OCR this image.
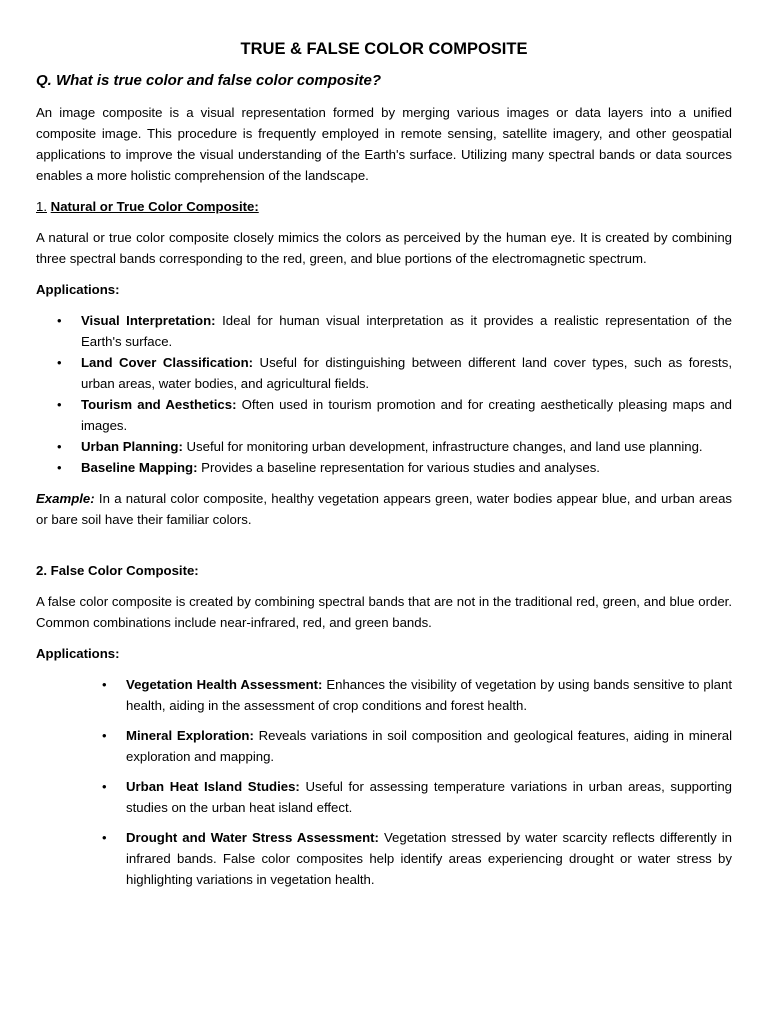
TRUE & FALSE COLOR COMPOSITE
Q. What is true color and false color composite?

An image composite is a visual representation formed by merging various images or data layers into a unified composite image. This procedure is frequently employed in remote sensing, satellite imagery, and other geospatial applications to improve the visual understanding of the Earth's surface. Utilizing many spectral bands or data sources enables a more holistic comprehension of the landscape.

1. Natural or True Color Composite:

A natural or true color composite closely mimics the colors as perceived by the human eye. It is created by combining three spectral bands corresponding to the red, green, and blue portions of the electromagnetic spectrum.

Applications:
• Visual Interpretation: Ideal for human visual interpretation as it provides a realistic representation of the Earth's surface.
• Land Cover Classification: Useful for distinguishing between different land cover types, such as forests, urban areas, water bodies, and agricultural fields.
• Tourism and Aesthetics: Often used in tourism promotion and for creating aesthetically pleasing maps and images.
• Urban Planning: Useful for monitoring urban development, infrastructure changes, and land use planning.
• Baseline Mapping: Provides a baseline representation for various studies and analyses.

Example: In a natural color composite, healthy vegetation appears green, water bodies appear blue, and urban areas or bare soil have their familiar colors.

2. False Color Composite:

A false color composite is created by combining spectral bands that are not in the traditional red, green, and blue order. Common combinations include near-infrared, red, and green bands.

Applications:
• Vegetation Health Assessment: Enhances the visibility of vegetation by using bands sensitive to plant health, aiding in the assessment of crop conditions and forest health.
• Mineral Exploration: Reveals variations in soil composition and geological features, aiding in mineral exploration and mapping.
• Urban Heat Island Studies: Useful for assessing temperature variations in urban areas, supporting studies on the urban heat island effect.
• Drought and Water Stress Assessment: Vegetation stressed by water scarcity reflects differently in infrared bands. False color composites help identify areas experiencing drought or water stress by highlighting variations in vegetation health.
